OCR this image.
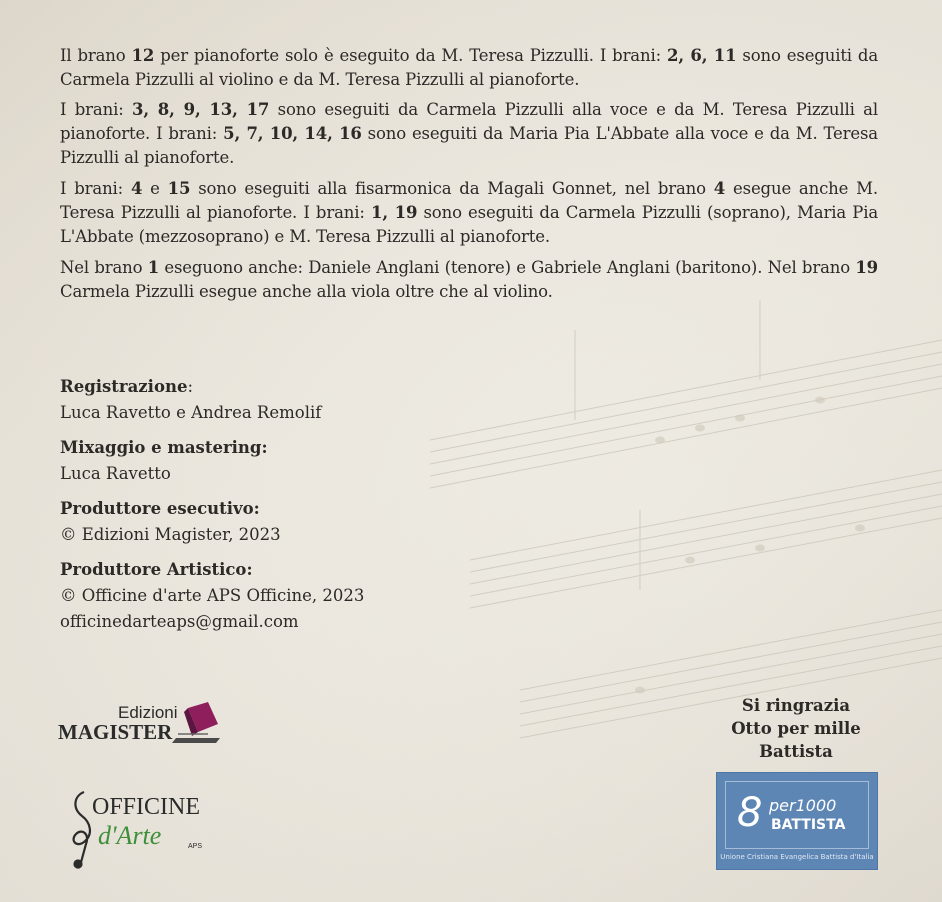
Il brano 12 per pianoforte solo è eseguito da M. Teresa Pizzulli. I brani: 2, 6, 11 sono eseguiti da Carmela Pizzulli al violino e da M. Teresa Pizzulli al pianoforte.

I brani: 3, 8, 9, 13, 17 sono eseguiti da Carmela Pizzulli alla voce e da M. Teresa Pizzulli al pianoforte. I brani: 5, 7, 10, 14, 16 sono eseguiti da Maria Pia L'Abbate alla voce e da M. Teresa Pizzulli al pianoforte.

I brani: 4 e 15 sono eseguiti alla fisarmonica da Magali Gonnet, nel brano 4 esegue anche M. Teresa Pizzulli al pianoforte. I brani: 1, 19 sono eseguiti da Carmela Pizzulli (soprano), Maria Pia L'Abbate (mezzosoprano) e M. Teresa Pizzulli al pianoforte.

Nel brano 1 eseguono anche: Daniele Anglani (tenore) e Gabriele Anglani (baritono). Nel brano 19 Carmela Pizzulli esegue anche alla viola oltre che al violino.

Registrazione:
Luca Ravetto e Andrea Remolif
Mixaggio e mastering:
Luca Ravetto
Produttore esecutivo:
© Edizioni Magister, 2023
Produttore Artistico:
© Officine d'arte APS Officine, 2023
officinedarteaps@gmail.com
Edizioni
MAGISTER
OFFICINE
d'Arte	APS
Si ringrazia
Otto per mille
Battista
8 per1000
BATTISTA
Unione Cristiana Evangelica Battista d'Italia
